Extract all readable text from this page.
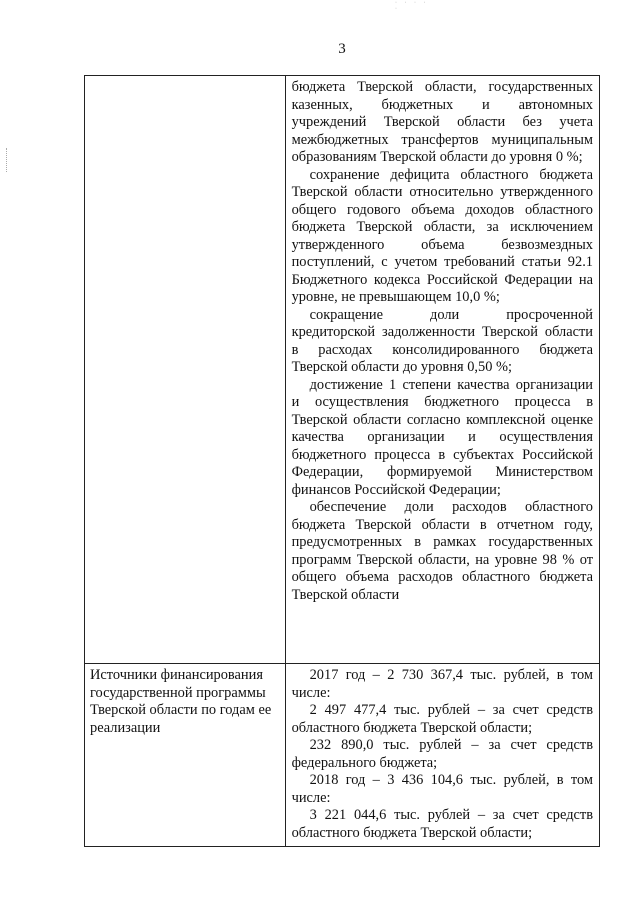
· · · · ·
3

	бюджета Тверской области, государственных казенных, бюджетных и автономных учреждений Тверской области без учета межбюджетных трансфертов муниципальным образованиям Тверской области до уровня 0 %;
сохранение дефицита областного бюджета Тверской области относительно утвержденного общего годового объема доходов областного бюджета Тверской области, за исключением утвержденного объема безвозмездных поступлений, с учетом требований статьи 92.1 Бюджетного кодекса Российской Федерации на уровне, не превышающем 10,0 %;
сокращение доли просроченной кредиторской задолженности Тверской области в расходах консолидированного бюджета Тверской области до уровня 0,50 %;
достижение 1 степени качества организации и осуществления бюджетного процесса в Тверской области согласно комплексной оценке качества организации и осуществления бюджетного процесса в субъектах Российской Федерации, формируемой Министерством финансов Российской Федерации;
обеспечение доли расходов областного бюджета Тверской области в отчетном году, предусмотренных в рамках государственных программ Тверской области, на уровне 98 % от общего объема расходов областного бюджета Тверской области

Источники финансирования государственной программы Тверской области по годам ее реализации	2017 год – 2 730 367,4 тыс. рублей, в том числе:
2 497 477,4 тыс. рублей – за счет средств областного бюджета Тверской области;
232 890,0 тыс. рублей – за счет средств федерального бюджета;
2018 год – 3 436 104,6 тыс. рублей, в том числе:
3 221 044,6 тыс. рублей – за счет средств областного бюджета Тверской области;
